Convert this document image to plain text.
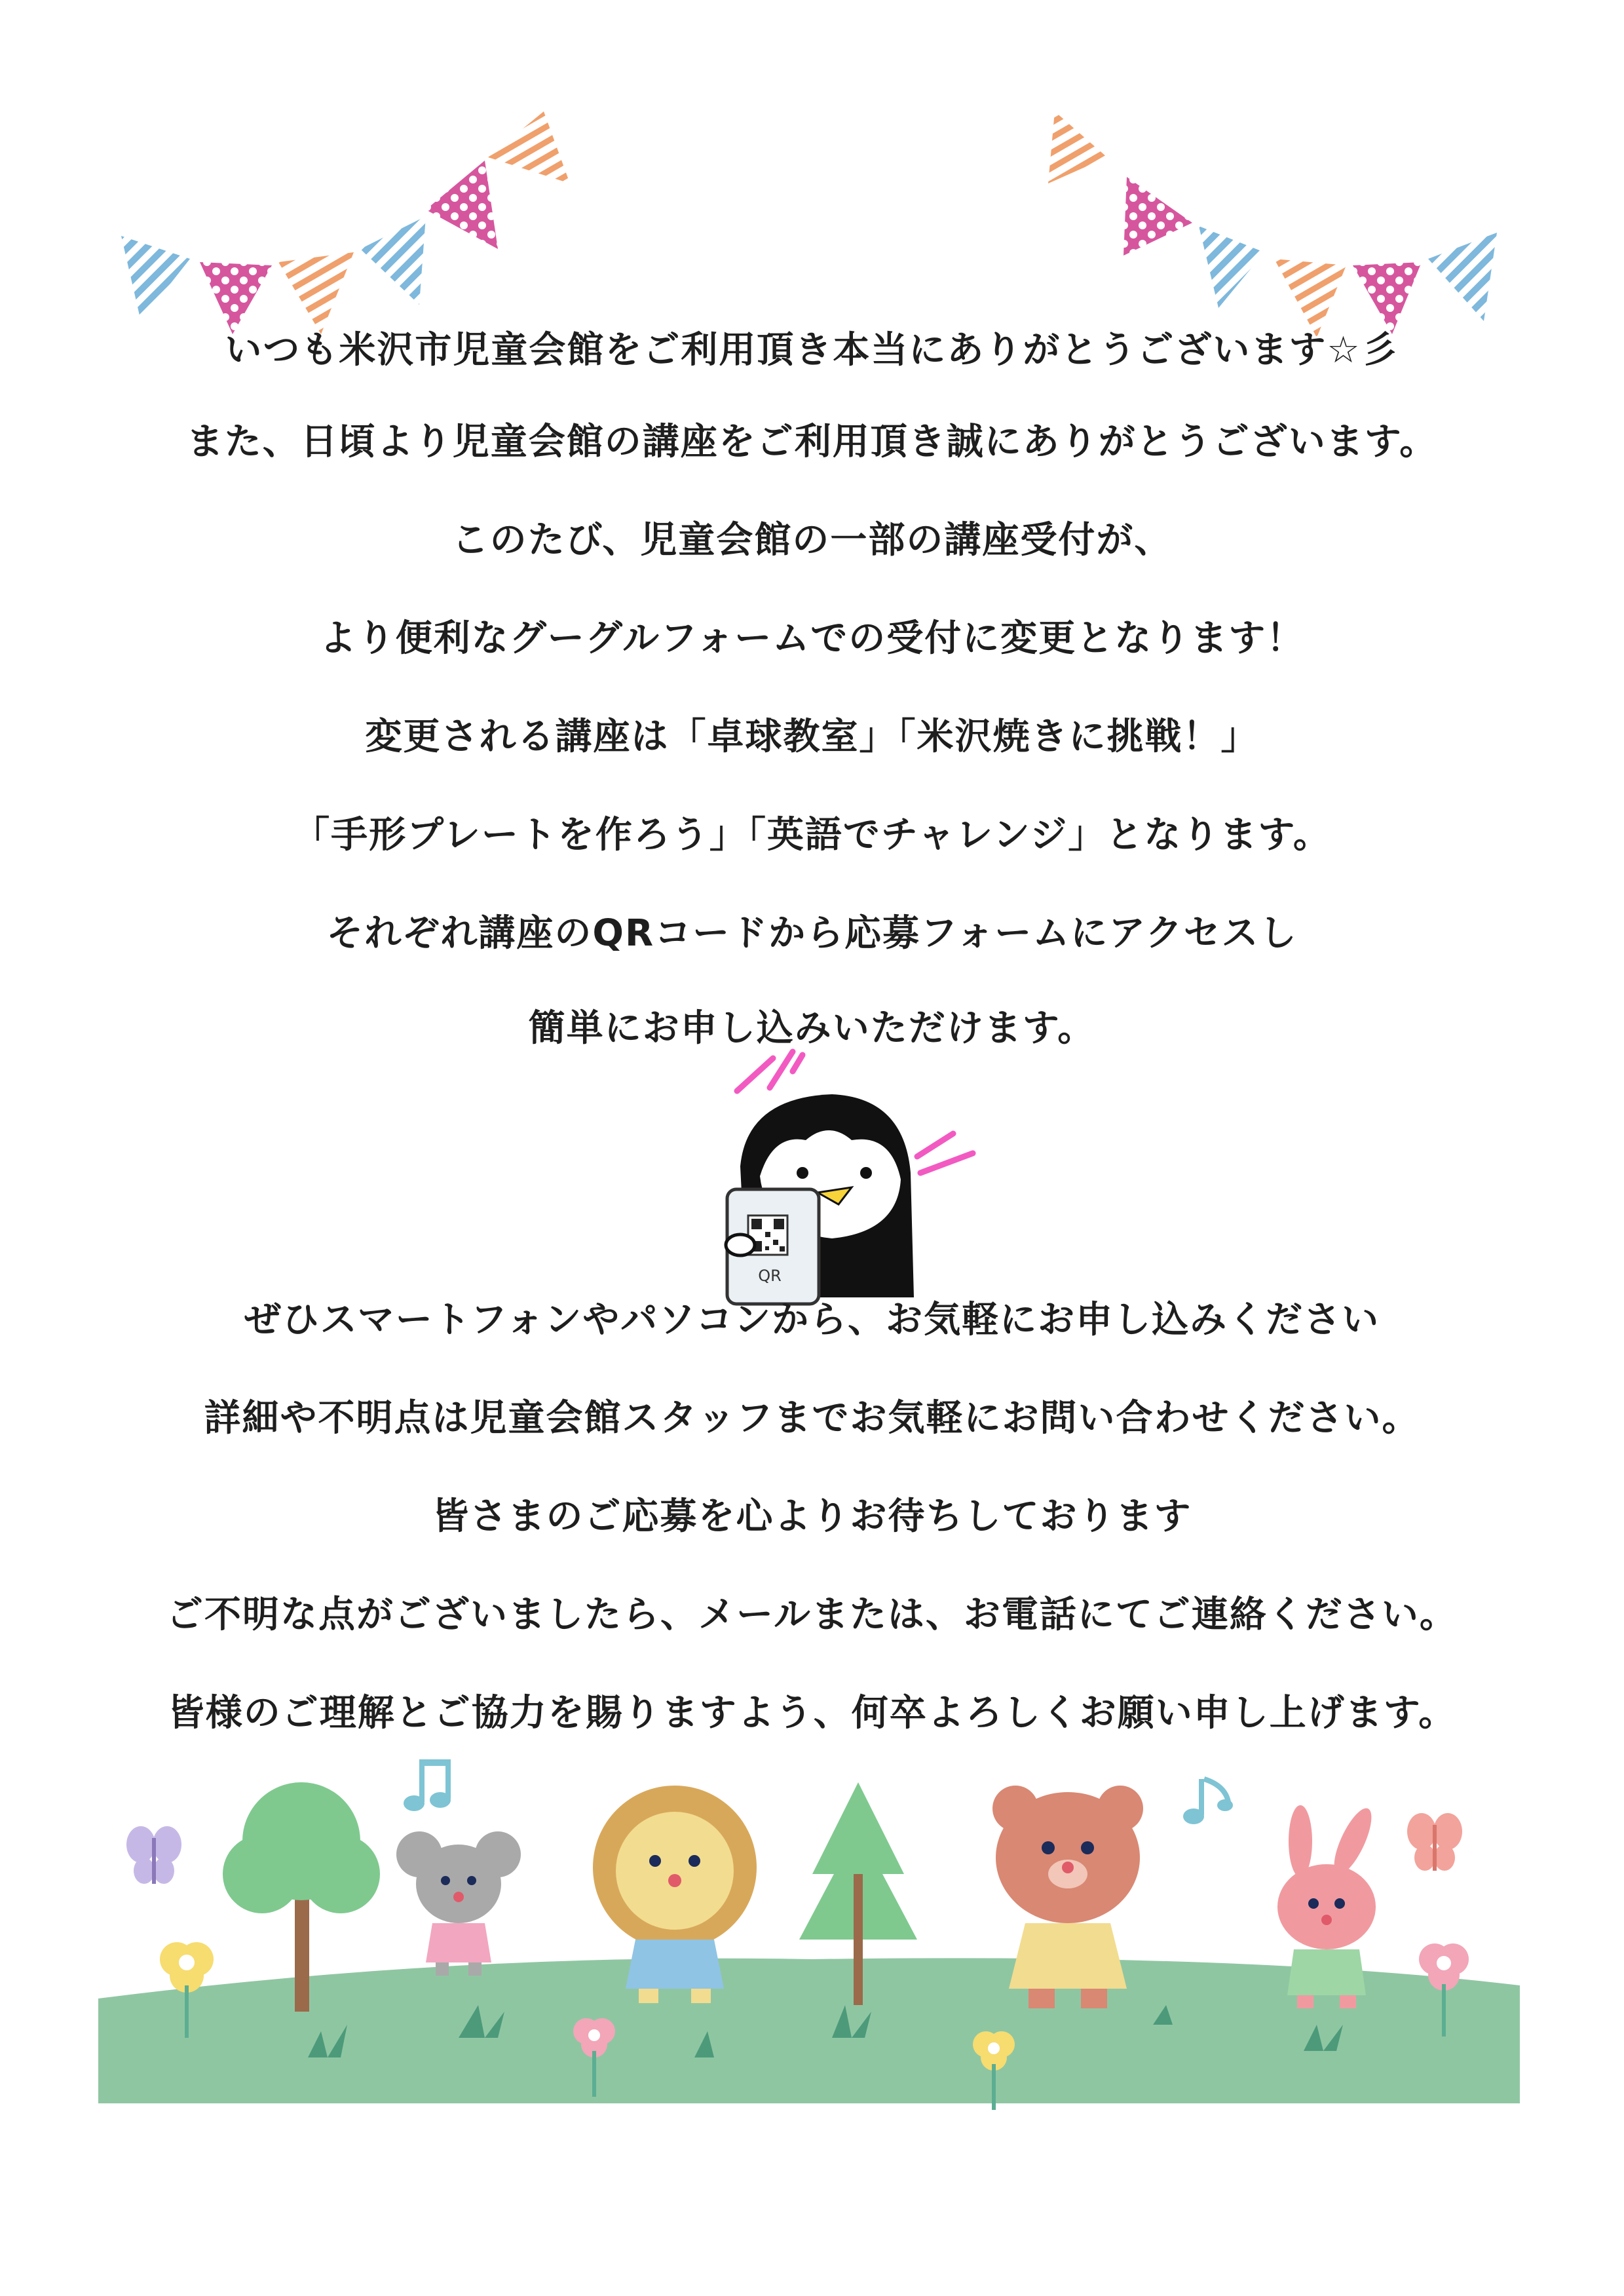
いつも米沢市児童会館をご利用頂き本当にありがとうございます☆彡
また、日頃より児童会館の講座をご利用頂き誠にありがとうございます。
このたび、児童会館の一部の講座受付が、
より便利なグーグルフォームでの受付に変更となります！
変更される講座は「卓球教室」「米沢焼きに挑戦！」
「手形プレートを作ろう」「英語でチャレンジ」となります。
それぞれ講座のQRコードから応募フォームにアクセスし
簡単にお申し込みいただけます。
QR
ぜひスマートフォンやパソコンから、お気軽にお申し込みください
詳細や不明点は児童会館スタッフまでお気軽にお問い合わせください。
皆さまのご応募を心よりお待ちしております
ご不明な点がございましたら、メールまたは、お電話にてご連絡ください。
皆様のご理解とご協力を賜りますよう、何卒よろしくお願い申し上げます。
